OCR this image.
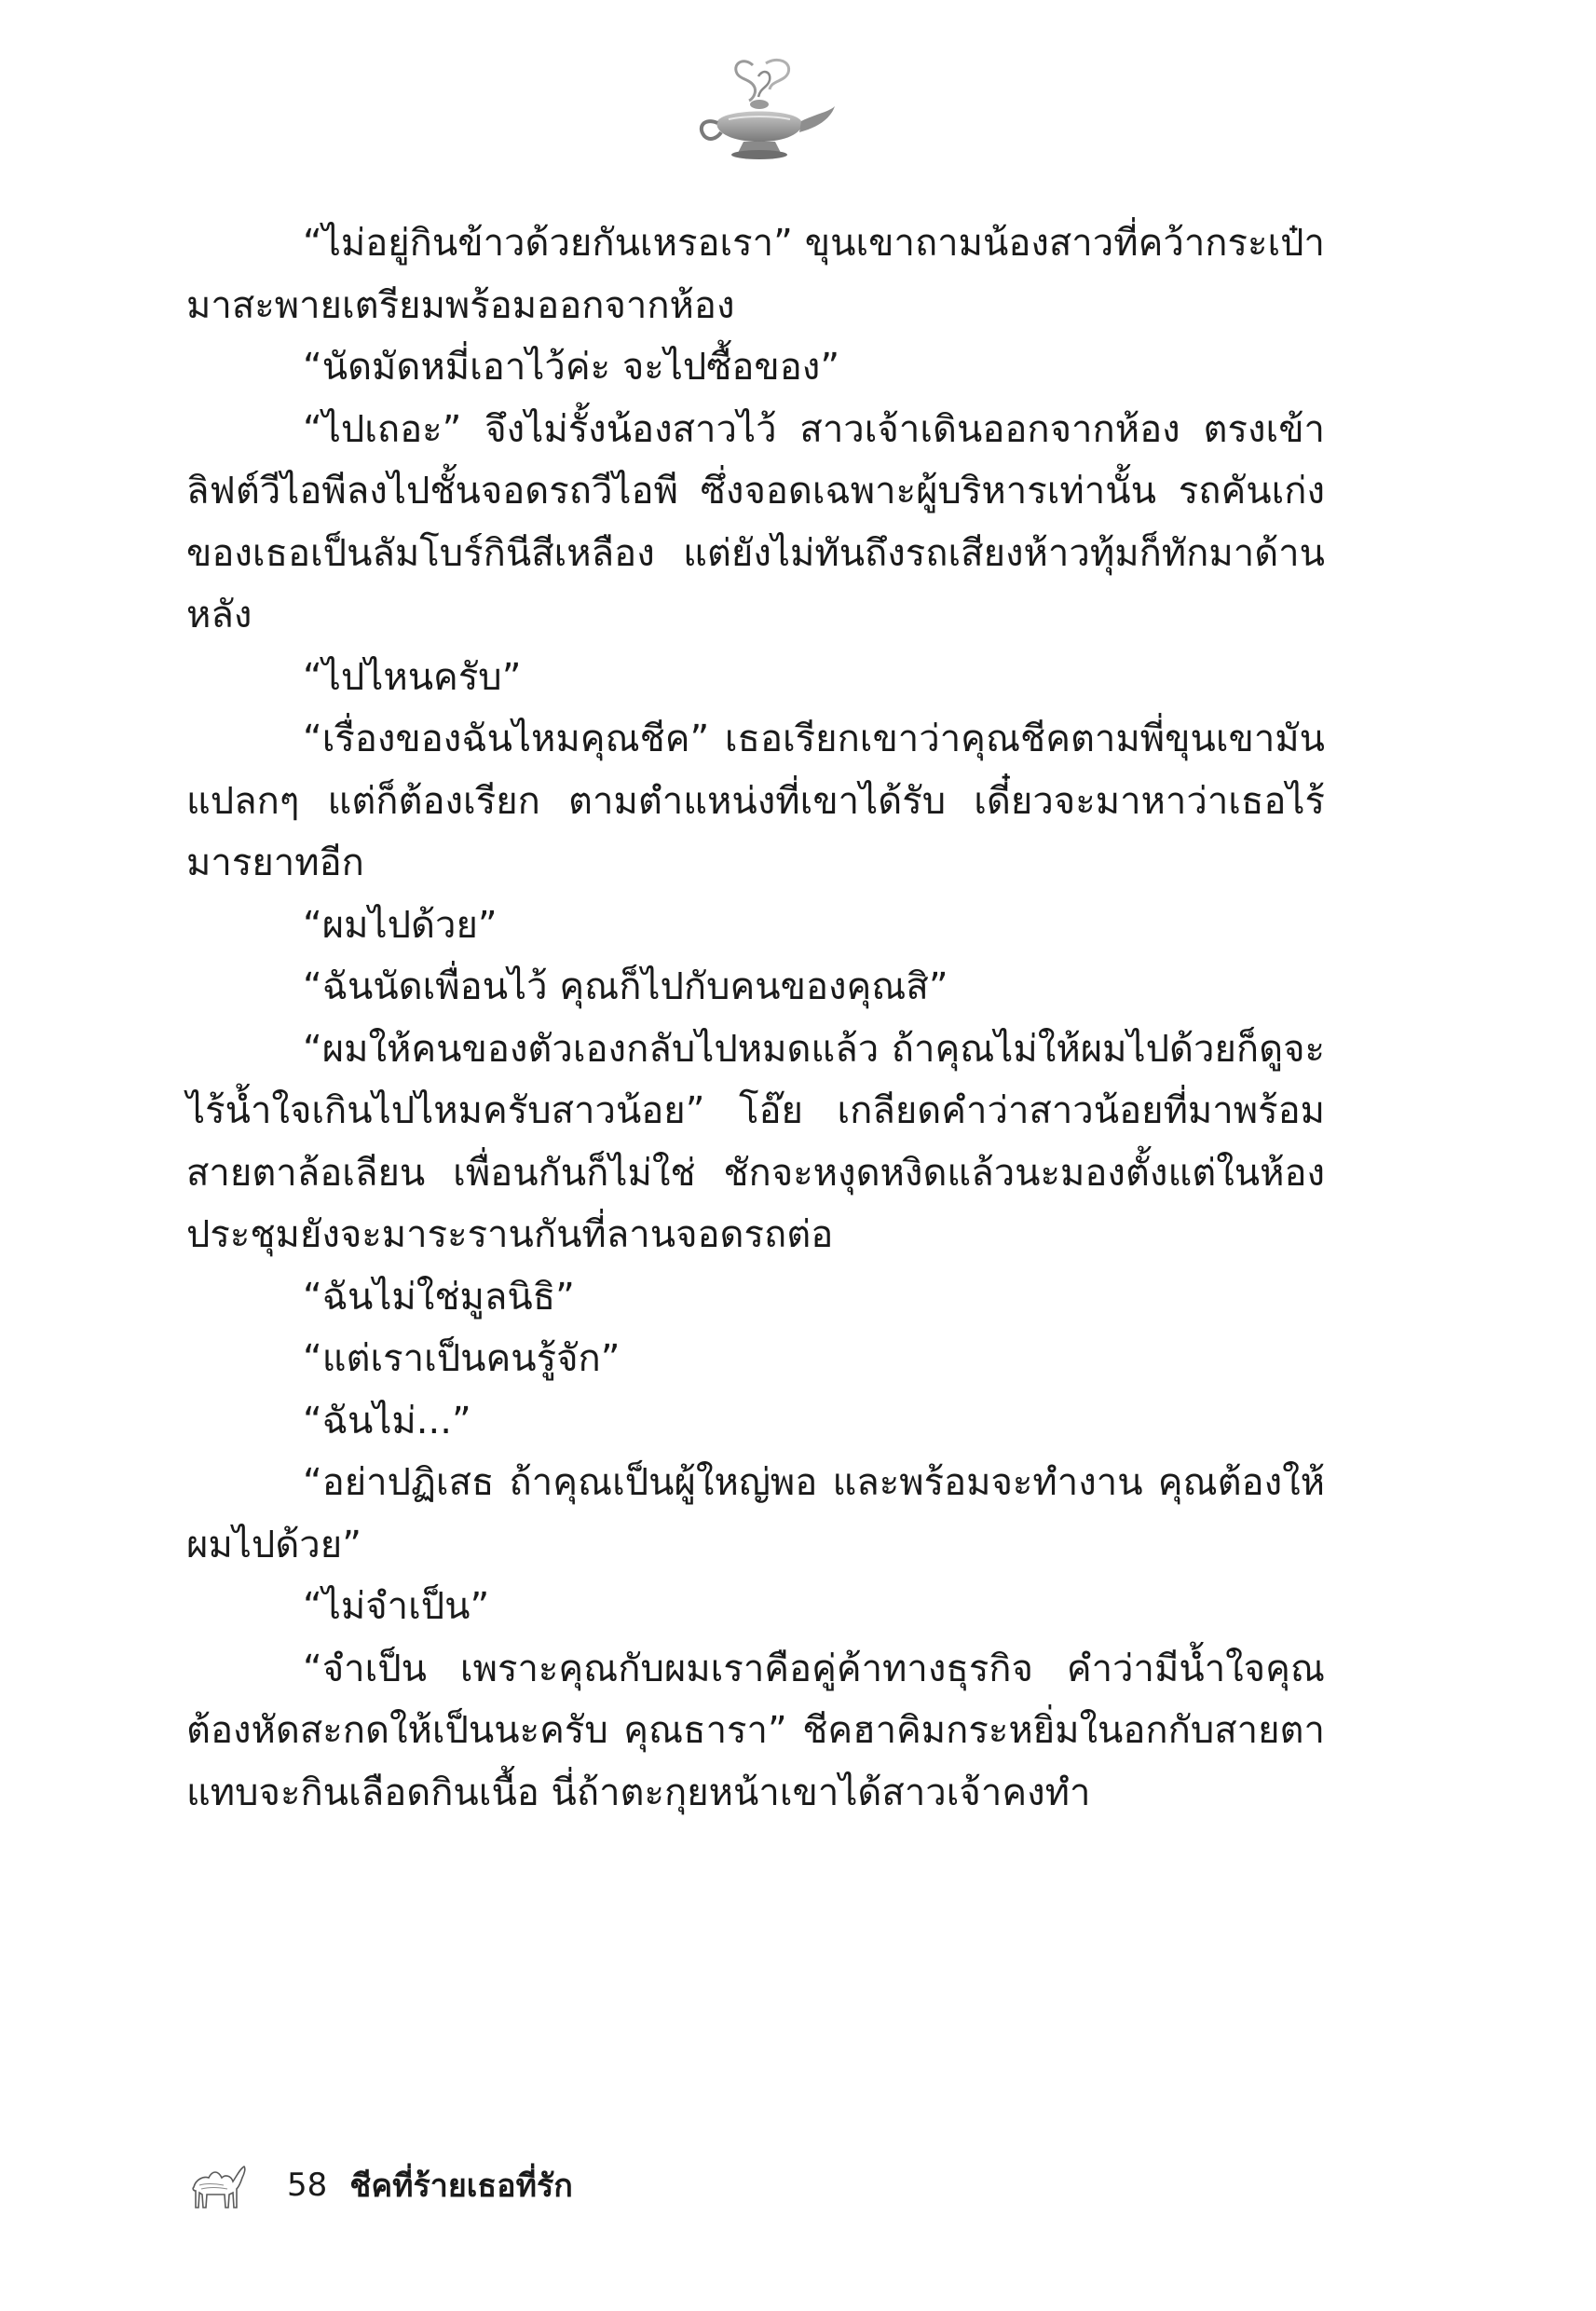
“ไม่อยู่กินข้าวด้วยกันเหรอเรา” ขุนเขาถามน้องสาวที่คว้ากระเป๋ามาสะพายเตรียมพร้อมออกจากห้อง

“นัดมัดหมี่เอาไว้ค่ะ จะไปซื้อของ”

“ไปเถอะ” จึงไม่รั้งน้องสาวไว้ สาวเจ้าเดินออกจากห้อง ตรงเข้าลิฟต์วีไอพีลงไปชั้นจอดรถวีไอพี ซึ่งจอดเฉพาะผู้บริหารเท่านั้น รถคันเก่งของเธอเป็นลัมโบร์กินีสีเหลือง แต่ยังไม่ทันถึงรถเสียงห้าวทุ้มก็ทักมาด้านหลัง

“ไปไหนครับ”

“เรื่องของฉันไหมคุณชีค” เธอเรียกเขาว่าคุณชีคตามพี่ขุนเขามันแปลกๆ แต่ก็ต้องเรียก ตามตำแหน่งที่เขาได้รับ เดี๋ยวจะมาหาว่าเธอไร้มารยาทอีก

“ผมไปด้วย”

“ฉันนัดเพื่อนไว้ คุณก็ไปกับคนของคุณสิ”

“ผมให้คนของตัวเองกลับไปหมดแล้ว ถ้าคุณไม่ให้ผมไปด้วยก็ดูจะไร้น้ำใจเกินไปไหมครับสาวน้อย” โอ๊ย เกลียดคำว่าสาวน้อยที่มาพร้อมสายตาล้อเลียน เพื่อนกันก็ไม่ใช่ ชักจะหงุดหงิดแล้วนะมองตั้งแต่ในห้องประชุมยังจะมาระรานกันที่ลานจอดรถต่อ

“ฉันไม่ใช่มูลนิธิ”

“แต่เราเป็นคนรู้จัก”

“ฉันไม่...”

“อย่าปฏิเสธ ถ้าคุณเป็นผู้ใหญ่พอ และพร้อมจะทำงาน คุณต้องให้ผมไปด้วย”

“ไม่จำเป็น”

“จำเป็น เพราะคุณกับผมเราคือคู่ค้าทางธุรกิจ คำว่ามีน้ำใจคุณต้องหัดสะกดให้เป็นนะครับ คุณธารา” ชีคฮาคิมกระหยิ่มในอกกับสายตาแทบจะกินเลือดกินเนื้อ นี่ถ้าตะกุยหน้าเขาได้สาวเจ้าคงทำ

58 ชีคที่ร้ายเธอที่รัก
